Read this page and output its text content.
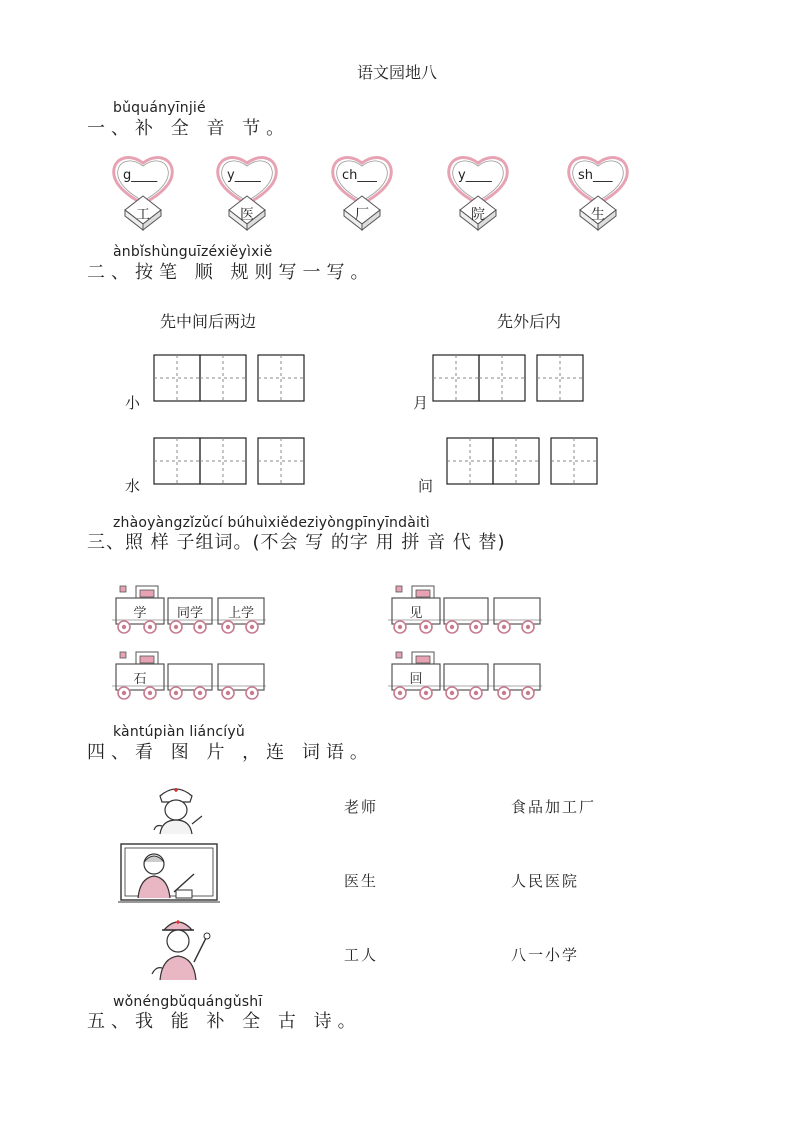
语文园地八
bǔquányīnjié
一、补 全 音 节。
g____
工
y____
医
ch___
厂
y____
院
sh___
生
ànbǐshùnguīzéxiěyìxiě
二、按笔 顺 规则写一写。
先中间后两边	先外后内
小	月
水	问
zhàoyàngzǐzǔcí búhuìxiědeziyòngpīnyīndàitì
三、照 样 子组词。(不会 写 的字 用 拼 音 代 替)
学	同学	上学	见
石	回
kàntúpiàn liáncíyǔ
四、看 图 片 ，连 词语。
老师
医生
工人
食品加工厂
人民医院
八一小学
wǒnéngbǔquángǔshī
五、我 能 补 全 古 诗。
